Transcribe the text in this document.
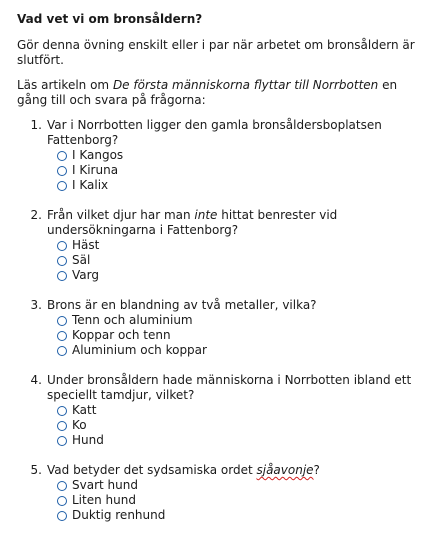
Vad vet vi om bronsåldern?
Gör denna övning enskilt eller i par när arbetet om bronsåldern är slutfört.
Läs artikeln om De första människorna flyttar till Norrbotten en gång till och svara på frågorna:
1. Var i Norrbotten ligger den gamla bronsåldersboplatsen Fattenborg?
I Kangos
I Kiruna
I Kalix
2. Från vilket djur har man inte hittat benrester vid undersökningarna i Fattenborg?
Häst
Säl
Varg
3. Brons är en blandning av två metaller, vilka?
Tenn och aluminium
Koppar och tenn
Aluminium och koppar
4. Under bronsåldern hade människorna i Norrbotten ibland ett speciellt tamdjur, vilket?
Katt
Ko
Hund
5. Vad betyder det sydsamiska ordet sjåavonje?
Svart hund
Liten hund
Duktig renhund
